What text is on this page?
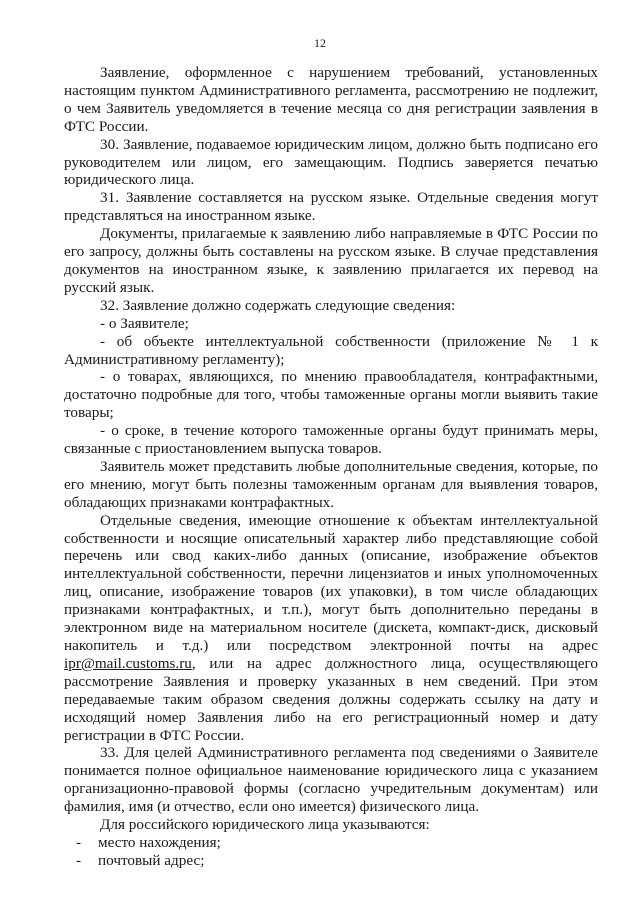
12

Заявление, оформленное с нарушением требований, установленных настоящим пунктом Административного регламента, рассмотрению не подлежит, о чем Заявитель уведомляется в течение месяца со дня регистрации заявления в ФТС России.

30. Заявление, подаваемое юридическим лицом, должно быть подписано его руководителем или лицом, его замещающим. Подпись заверяется печатью юридического лица.

31. Заявление составляется на русском языке. Отдельные сведения могут представляться на иностранном языке.

Документы, прилагаемые к заявлению либо направляемые в ФТС России по его запросу, должны быть составлены на русском языке. В случае представления документов на иностранном языке, к заявлению прилагается их перевод на русский язык.

32. Заявление должно содержать следующие сведения:

- о Заявителе;

- об объекте интеллектуальной собственности (приложение № 1 к Административному регламенту);

- о товарах, являющихся, по мнению правообладателя, контрафактными, достаточно подробные для того, чтобы таможенные органы могли выявить такие товары;

- о сроке, в течение которого таможенные органы будут принимать меры, связанные с приостановлением выпуска товаров.

Заявитель может представить любые дополнительные сведения, которые, по его мнению, могут быть полезны таможенным органам для выявления товаров, обладающих признаками контрафактных.

Отдельные сведения, имеющие отношение к объектам интеллектуальной собственности и носящие описательный характер либо представляющие собой перечень или свод каких-либо данных (описание, изображение объектов интеллектуальной собственности, перечни лицензиатов и иных уполномоченных лиц, описание, изображение товаров (их упаковки), в том числе обладающих признаками контрафактных, и т.п.), могут быть дополнительно переданы в электронном виде на материальном носителе (дискета, компакт-диск, дисковый накопитель и т.д.) или посредством электронной почты на адрес ipr@mail.customs.ru, или на адрес должностного лица, осуществляющего рассмотрение Заявления и проверку указанных в нем сведений. При этом передаваемые таким образом сведения должны содержать ссылку на дату и исходящий номер Заявления либо на его регистрационный номер и дату регистрации в ФТС России.

33. Для целей Административного регламента под сведениями о Заявителе понимается полное официальное наименование юридического лица с указанием организационно-правовой формы (согласно учредительным документам) или фамилия, имя (и отчество, если оно имеется) физического лица.

Для российского юридического лица указываются:

- место нахождения;
- почтовый адрес;
